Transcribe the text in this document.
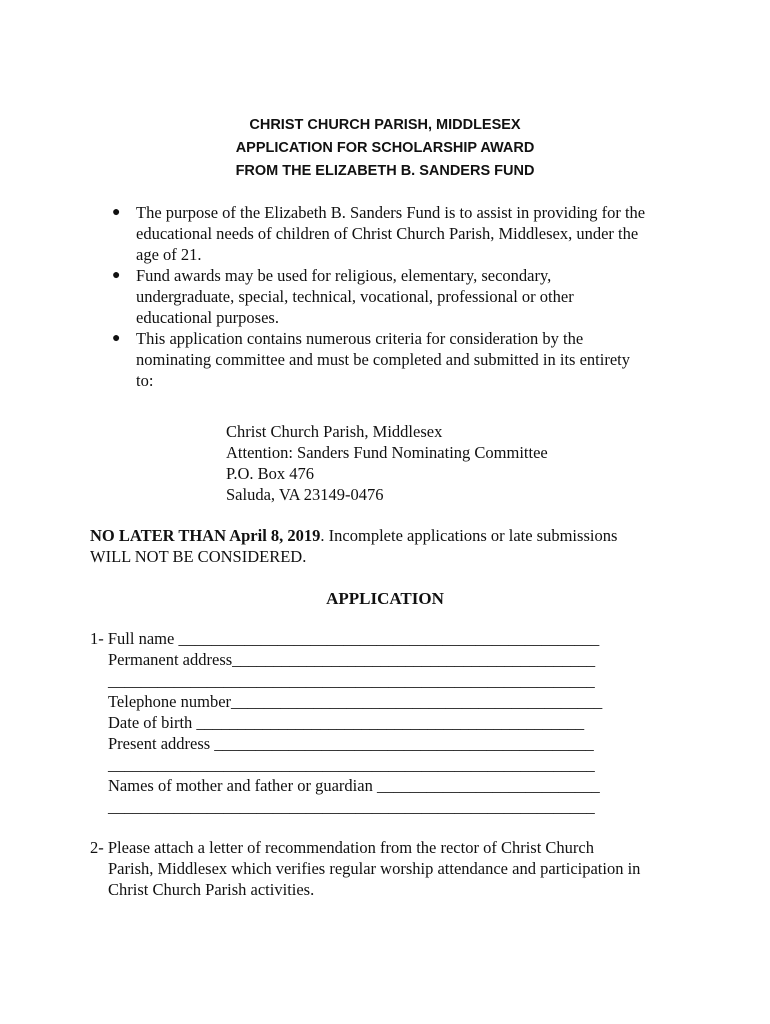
CHRIST CHURCH PARISH, MIDDLESEX
APPLICATION FOR SCHOLARSHIP AWARD
FROM THE ELIZABETH B. SANDERS FUND
● The purpose of the Elizabeth B. Sanders Fund is to assist in providing for the
educational needs of children of Christ Church Parish, Middlesex, under the
age of 21.
● Fund awards may be used for religious, elementary, secondary,
undergraduate, special, technical, vocational, professional or other
educational purposes.
● This application contains numerous criteria for consideration by the
nominating committee and must be completed and submitted in its entirety
to:
Christ Church Parish, Middlesex
Attention: Sanders Fund Nominating Committee
P.O. Box 476
Saluda, VA 23149-0476
NO LATER THAN April 8, 2019. Incomplete applications or late submissions
WILL NOT BE CONSIDERED.
APPLICATION
1- Full name ___________________________________________________
Permanent address____________________________________________
___________________________________________________________
Telephone number_____________________________________________
Date of birth _______________________________________________
Present address ______________________________________________
___________________________________________________________
Names of mother and father or guardian ___________________________
___________________________________________________________
2- Please attach a letter of recommendation from the rector of Christ Church
Parish, Middlesex which verifies regular worship attendance and participation in
Christ Church Parish activities.
